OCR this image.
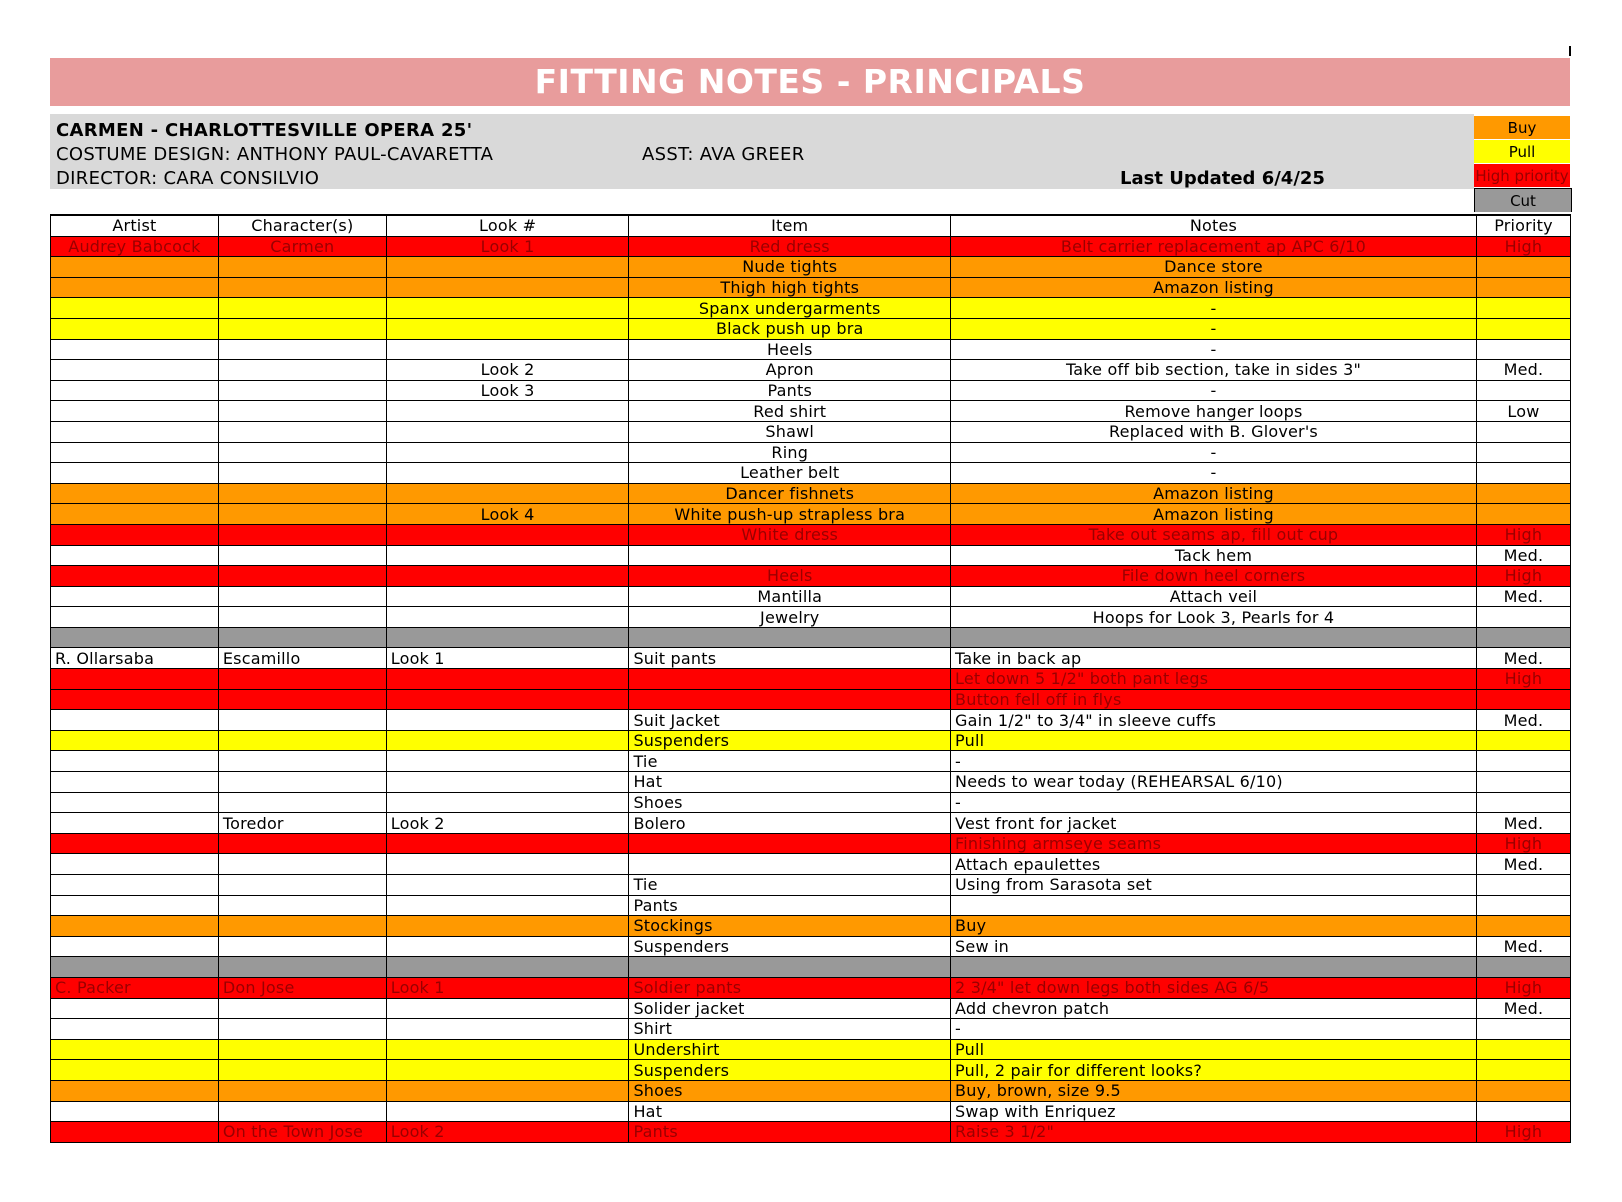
FITTING NOTES - PRINCIPALS
CARMEN - CHARLOTTESVILLE OPERA 25'
COSTUME DESIGN: ANTHONY PAUL-CAVARETTA	ASST: AVA GREER
DIRECTOR: CARA CONSILVIO	Last Updated 6/4/25
Buy
Pull
High priority
Cut
Artist	Character(s)	Look #	Item	Notes	Priority
Audrey Babcock	Carmen	Look 1	Red dress	Belt carrier replacement ap APC 6/10	High
			Nude tights	Dance store	
			Thigh high tights	Amazon listing	
			Spanx undergarments	-	
			Black push up bra	-	
			Heels	-	
		Look 2	Apron	Take off bib section, take in sides 3"	Med.
		Look 3	Pants	-	
			Red shirt	Remove hanger loops	Low
			Shawl	Replaced with B. Glover's	
			Ring	-	
			Leather belt	-	
			Dancer fishnets	Amazon listing	
		Look 4	White push-up strapless bra	Amazon listing	
			White dress	Take out seams ap, fill out cup	High
				Tack hem	Med.
			Heels	File down heel corners	High
			Mantilla	Attach veil	Med.
			Jewelry	Hoops for Look 3, Pearls for 4	

R. Ollarsaba	Escamillo	Look 1	Suit pants	Take in back ap	Med.
				Let down 5 1/2" both pant legs	High
				Button fell off in flys	
			Suit Jacket	Gain 1/2" to 3/4" in sleeve cuffs	Med.
			Suspenders	Pull	
			Tie	-	
			Hat	Needs to wear today (REHEARSAL 6/10)	
			Shoes	-	
	Toredor	Look 2	Bolero	Vest front for jacket	Med.
				Finishing armseye seams	High
				Attach epaulettes	Med.
			Tie	Using from Sarasota set	
			Pants		
			Stockings	Buy	
			Suspenders	Sew in	Med.

C. Packer	Don Jose	Look 1	Soldier pants	2 3/4" let down legs both sides AG 6/5	High
			Solider jacket	Add chevron patch	Med.
			Shirt	-	
			Undershirt	Pull	
			Suspenders	Pull, 2 pair for different looks?	
			Shoes	Buy, brown, size 9.5	
			Hat	Swap with Enriquez	
	On the Town Jose	Look 2	Pants	Raise 3 1/2"	High
